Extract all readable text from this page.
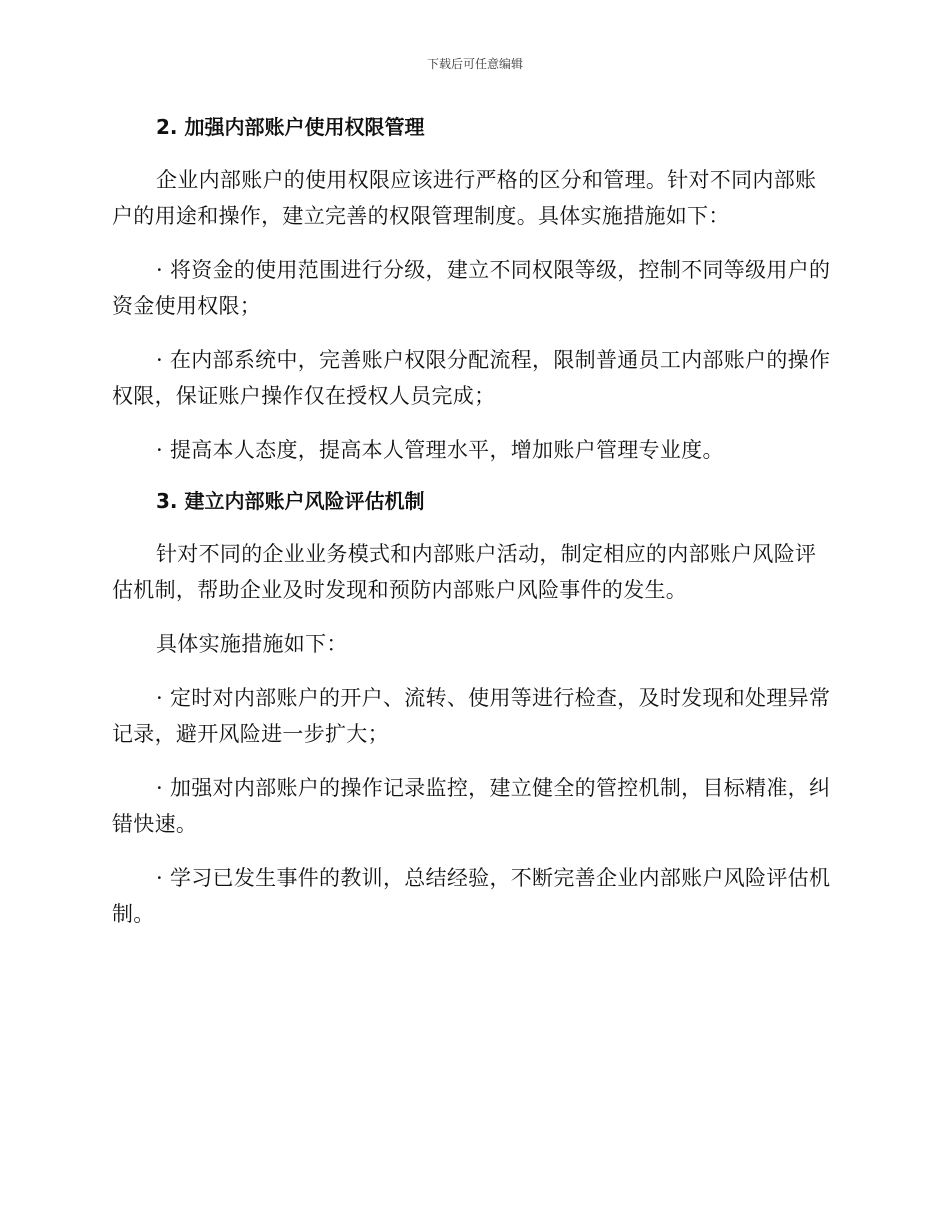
下载后可任意编辑
2. 加强内部账户使用权限管理

企业内部账户的使用权限应该进行严格的区分和管理。针对不同内部账户的用途和操作，建立完善的权限管理制度。具体实施措施如下：

· 将资金的使用范围进行分级，建立不同权限等级，控制不同等级用户的资金使用权限；

· 在内部系统中，完善账户权限分配流程，限制普通员工内部账户的操作权限，保证账户操作仅在授权人员完成；

· 提高本人态度，提高本人管理水平，增加账户管理专业度。

3. 建立内部账户风险评估机制

针对不同的企业业务模式和内部账户活动，制定相应的内部账户风险评估机制，帮助企业及时发现和预防内部账户风险事件的发生。

具体实施措施如下：

· 定时对内部账户的开户、流转、使用等进行检查，及时发现和处理异常记录，避开风险进一步扩大；

· 加强对内部账户的操作记录监控，建立健全的管控机制，目标精准，纠错快速。

· 学习已发生事件的教训，总结经验，不断完善企业内部账户风险评估机制。
